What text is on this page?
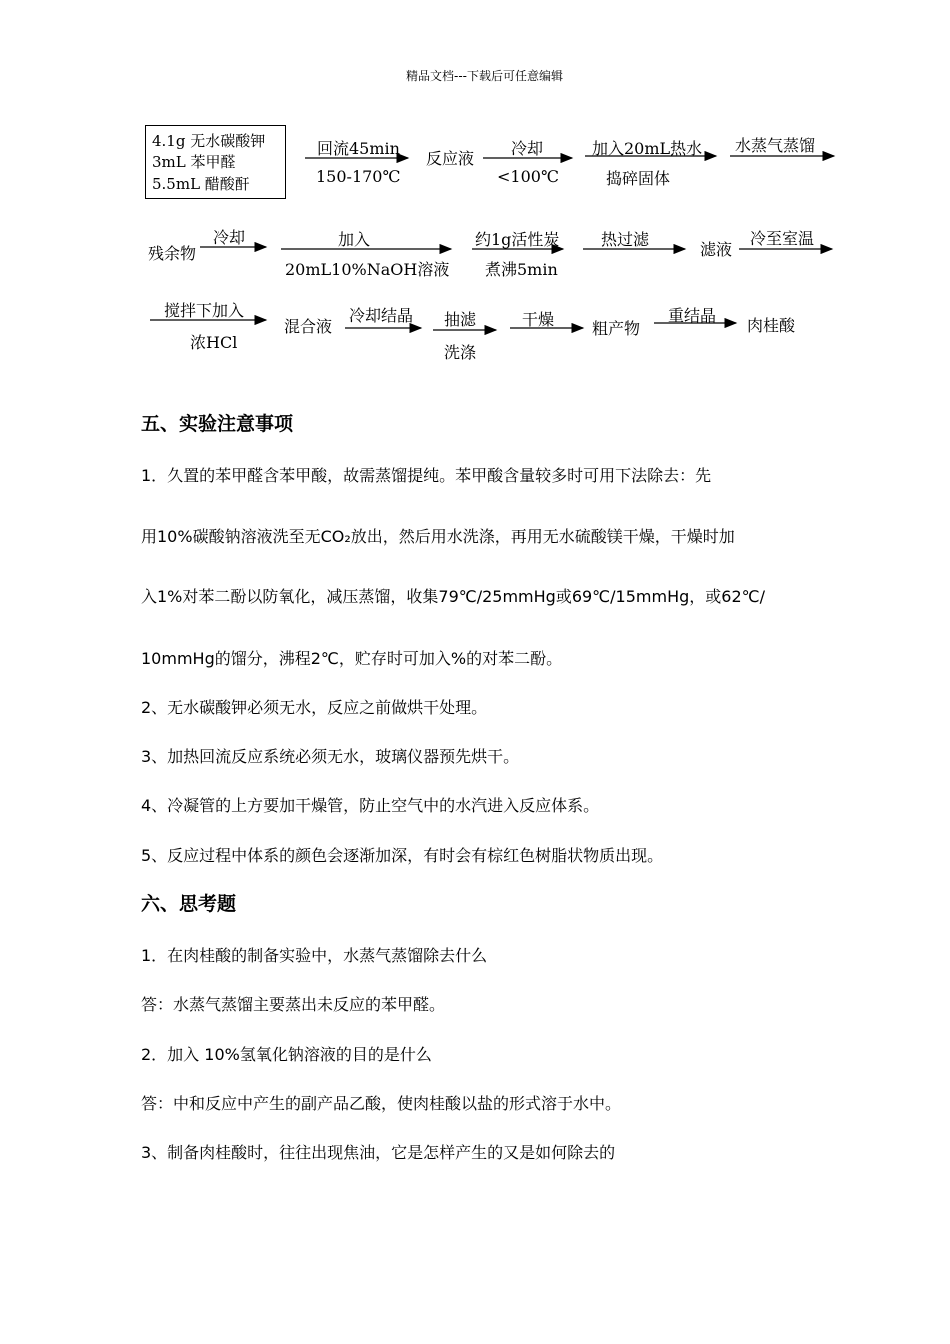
精品文档---下载后可任意编辑
4.1g 无水碳酸钾
3mL 苯甲醛
5.5mL 醋酸酐
回流45min
150-170℃
反应液
冷却
<100℃
加入20mL热水
捣碎固体
水蒸气蒸馏
残余物
冷却	加入
20mL10%NaOH溶液
约1g活性炭
煮沸5min
热过滤
滤液
冷至室温
搅拌下加入
浓HCl
混合液
冷却结晶 抽滤
洗涤
干燥 粗产物
重结晶
肉桂酸
五、实验注意事项
1．久置的苯甲醛含苯甲酸，故需蒸馏提纯。苯甲酸含量较多时可用下法除去：先
用10%碳酸钠溶液洗至无CO₂放出，然后用水洗涤，再用无水硫酸镁干燥，干燥时加
入1%对苯二酚以防氧化，减压蒸馏，收集79℃/25mmHg或69℃/15mmHg，或62℃/
10mmHg的馏分，沸程2℃，贮存时可加入%的对苯二酚。
2、无水碳酸钾必须无水，反应之前做烘干处理。
3、加热回流反应系统必须无水，玻璃仪器预先烘干。
4、冷凝管的上方要加干燥管，防止空气中的水汽进入反应体系。
5、反应过程中体系的颜色会逐渐加深，有时会有棕红色树脂状物质出现。
六、思考题
1．在肉桂酸的制备实验中，水蒸气蒸馏除去什么
答：水蒸气蒸馏主要蒸出未反应的苯甲醛。
2．加入 10%氢氧化钠溶液的目的是什么
答：中和反应中产生的副产品乙酸，使肉桂酸以盐的形式溶于水中。
3、制备肉桂酸时，往往出现焦油，它是怎样产生的又是如何除去的
